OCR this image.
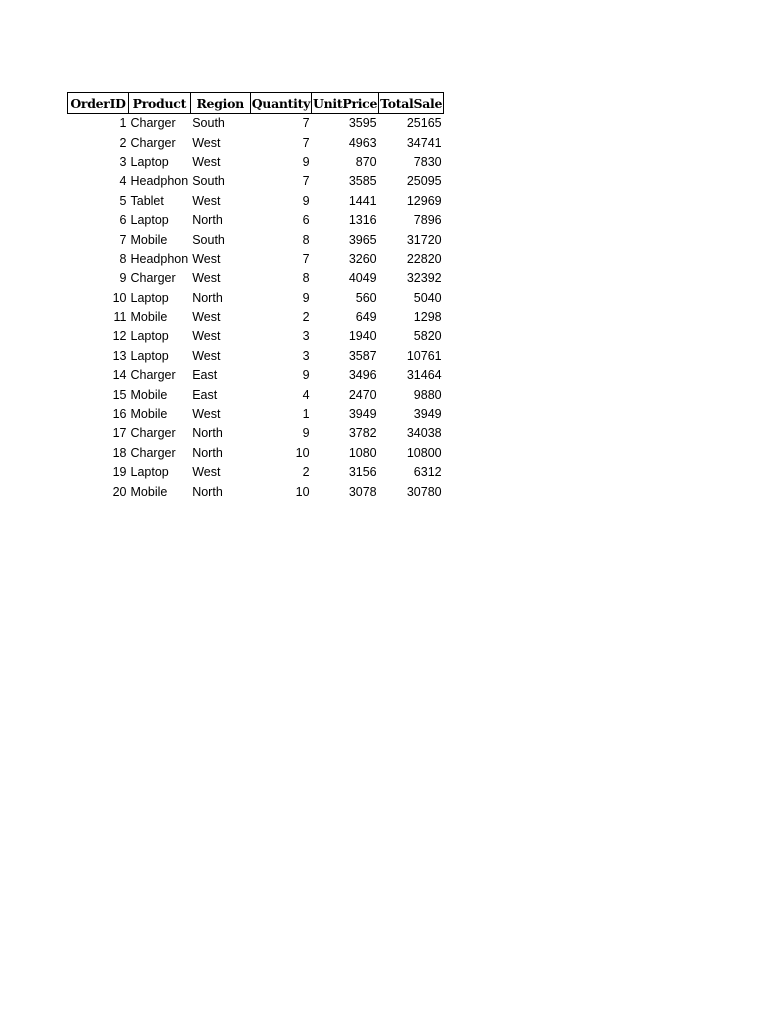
OrderID	Product	Region	Quantity	UnitPrice	TotalSale
1	Charger	South	7	3595	25165
2	Charger	West	7	4963	34741
3	Laptop	West	9	870	7830
4	Headphon	South	7	3585	25095
5	Tablet	West	9	1441	12969
6	Laptop	North	6	1316	7896
7	Mobile	South	8	3965	31720
8	Headphon	West	7	3260	22820
9	Charger	West	8	4049	32392
10	Laptop	North	9	560	5040
11	Mobile	West	2	649	1298
12	Laptop	West	3	1940	5820
13	Laptop	West	3	3587	10761
14	Charger	East	9	3496	31464
15	Mobile	East	4	2470	9880
16	Mobile	West	1	3949	3949
17	Charger	North	9	3782	34038
18	Charger	North	10	1080	10800
19	Laptop	West	2	3156	6312
20	Mobile	North	10	3078	30780
